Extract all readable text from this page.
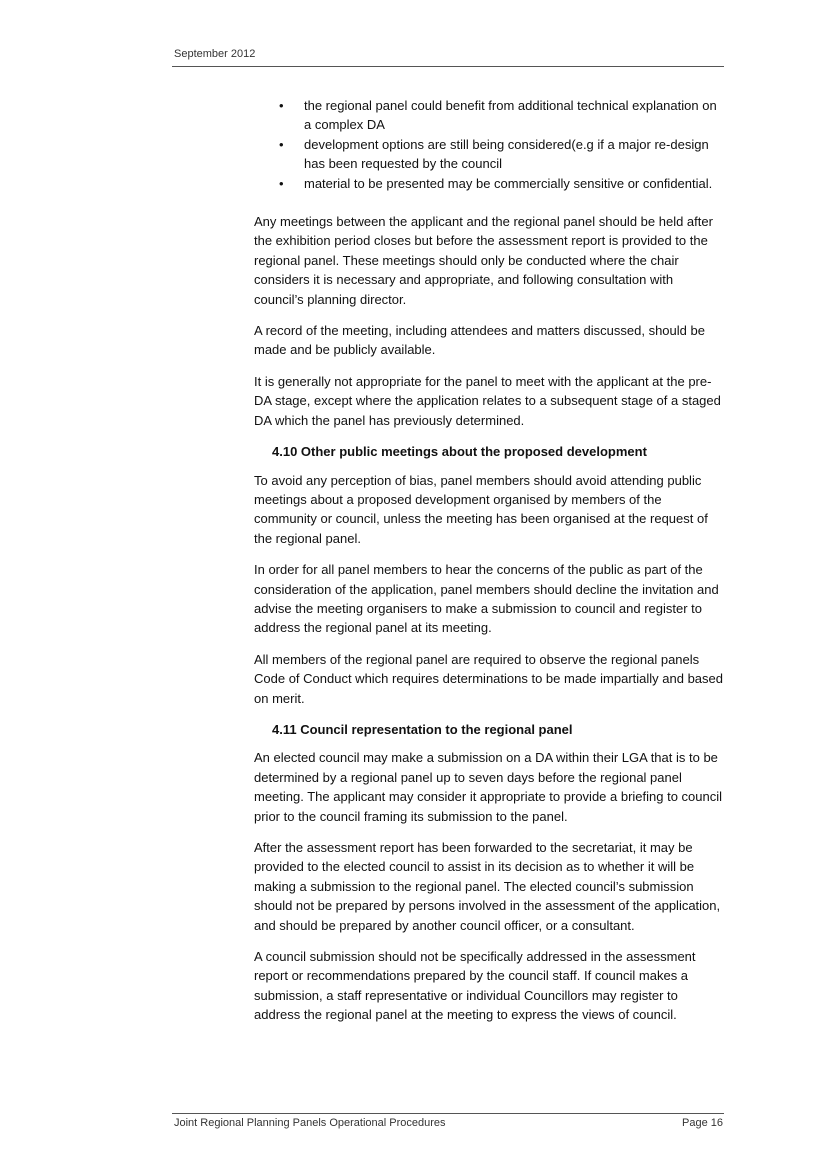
September 2012
• the regional panel could benefit from additional technical explanation on a complex DA
• development options are still being considered(e.g if a major re-design has been requested by the council
• material to be presented may be commercially sensitive or confidential.

Any meetings between the applicant and the regional panel should be held after the exhibition period closes but before the assessment report is provided to the regional panel. These meetings should only be conducted where the chair considers it is necessary and appropriate, and following consultation with council’s planning director.

A record of the meeting, including attendees and matters discussed, should be made and be publicly available.

It is generally not appropriate for the panel to meet with the applicant at the pre-DA stage, except where the application relates to a subsequent stage of a staged DA which the panel has previously determined.

4.10 Other public meetings about the proposed development

To avoid any perception of bias, panel members should avoid attending public meetings about a proposed development organised by members of the community or council, unless the meeting has been organised at the request of the regional panel.

In order for all panel members to hear the concerns of the public as part of the consideration of the application, panel members should decline the invitation and advise the meeting organisers to make a submission to council and register to address the regional panel at its meeting.

All members of the regional panel are required to observe the regional panels Code of Conduct which requires determinations to be made impartially and based on merit.

4.11 Council representation to the regional panel

An elected council may make a submission on a DA within their LGA that is to be determined by a regional panel up to seven days before the regional panel meeting. The applicant may consider it appropriate to provide a briefing to council prior to the council framing its submission to the panel.

After the assessment report has been forwarded to the secretariat, it may be provided to the elected council to assist in its decision as to whether it will be making a submission to the regional panel. The elected council’s submission should not be prepared by persons involved in the assessment of the application, and should be prepared by another council officer, or a consultant.

A council submission should not be specifically addressed in the assessment report or recommendations prepared by the council staff. If council makes a submission, a staff representative or individual Councillors may register to address the regional panel at the meeting to express the views of council.

Joint Regional Planning Panels Operational Procedures	Page 16
